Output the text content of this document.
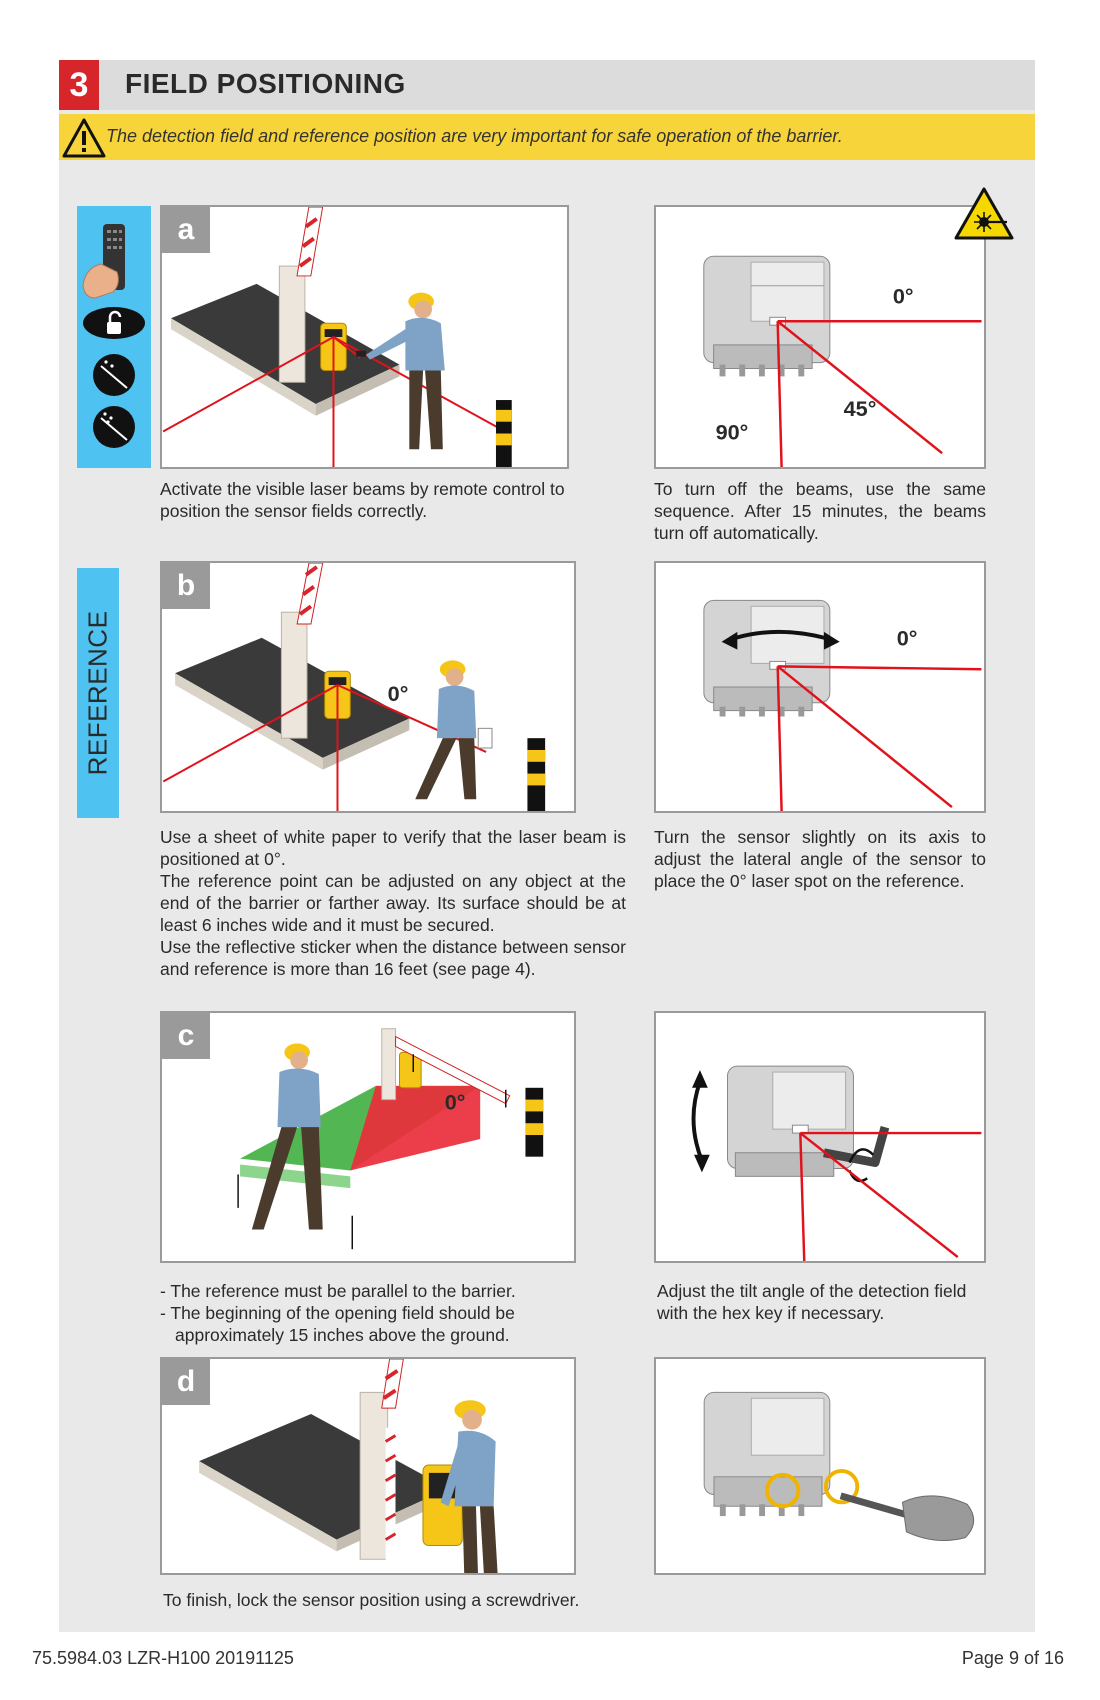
3	FIELD POSITIONING
The detection field and reference position are very important for safe operation of the barrier.
a
0°
45°
90°

Activate the visible laser beams by remote control to position the sensor fields correctly.

To turn off the beams, use the same sequence. After 15 minutes, the beams turn off automatically.

REFERENCE	0°
b
0°

Use a sheet of white paper to verify that the laser beam is positioned at 0°.

The reference point can be adjusted on any object at the end of the barrier or farther away. Its surface should be at least 6 inches wide and it must be secured.

Use the reflective sticker when the distance between sensor and reference is more than 16 feet (see page 4).

Turn the sensor slightly on its axis to adjust the lateral angle of the sensor to place the 0° laser spot on the reference.

0°
c

- The reference must be parallel to the barrier.

- The beginning of the opening field should be

approximately 15 inches above the ground.

Adjust the tilt angle of the detection field with the hex key if necessary.

d

To finish, lock the sensor position using a screwdriver.

75.5984.03 LZR-H100 20191125	Page 9 of 16
